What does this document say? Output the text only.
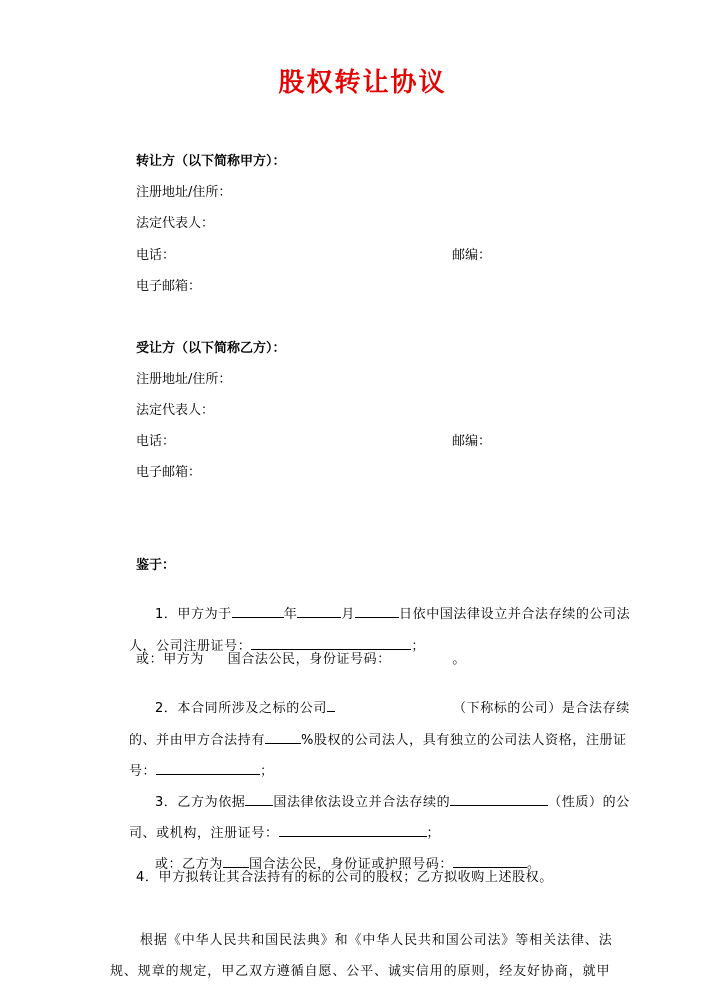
股权转让协议
转让方（以下简称甲方）：
注册地址/住所：
法定代表人：
电话：	邮编：
电子邮箱：
受让方（以下简称乙方）：
注册地址/住所：
法定代表人：
电话：	邮编：
电子邮箱：
鉴于：

1．甲方为于	年	月	日依中国法律设立并合法存续的公司法

人，公司注册证号：	；

或：甲方为     国合法公民，身份证号码：             。

2．本合同所涉及之标的公司	（下称标的公司）是合法存续

的、并由甲方合法持有	%股权的公司法人，具有独立的公司法人资格，注册证

号：	；

3．乙方为依据 国法律依法设立并合法存续的	（性质）的公

司、或机构，注册证号：	；

或：乙方为 国合法公民，身份证或护照号码：	。

4．甲方拟转让其合法持有的标的公司的股权；乙方拟收购上述股权。
根据《中华人民共和国民法典》和《中华人民共和国公司法》等相关法律、法
规、规章的规定，甲乙双方遵循自愿、公平、诚实信用的原则，经友好协商，就甲
